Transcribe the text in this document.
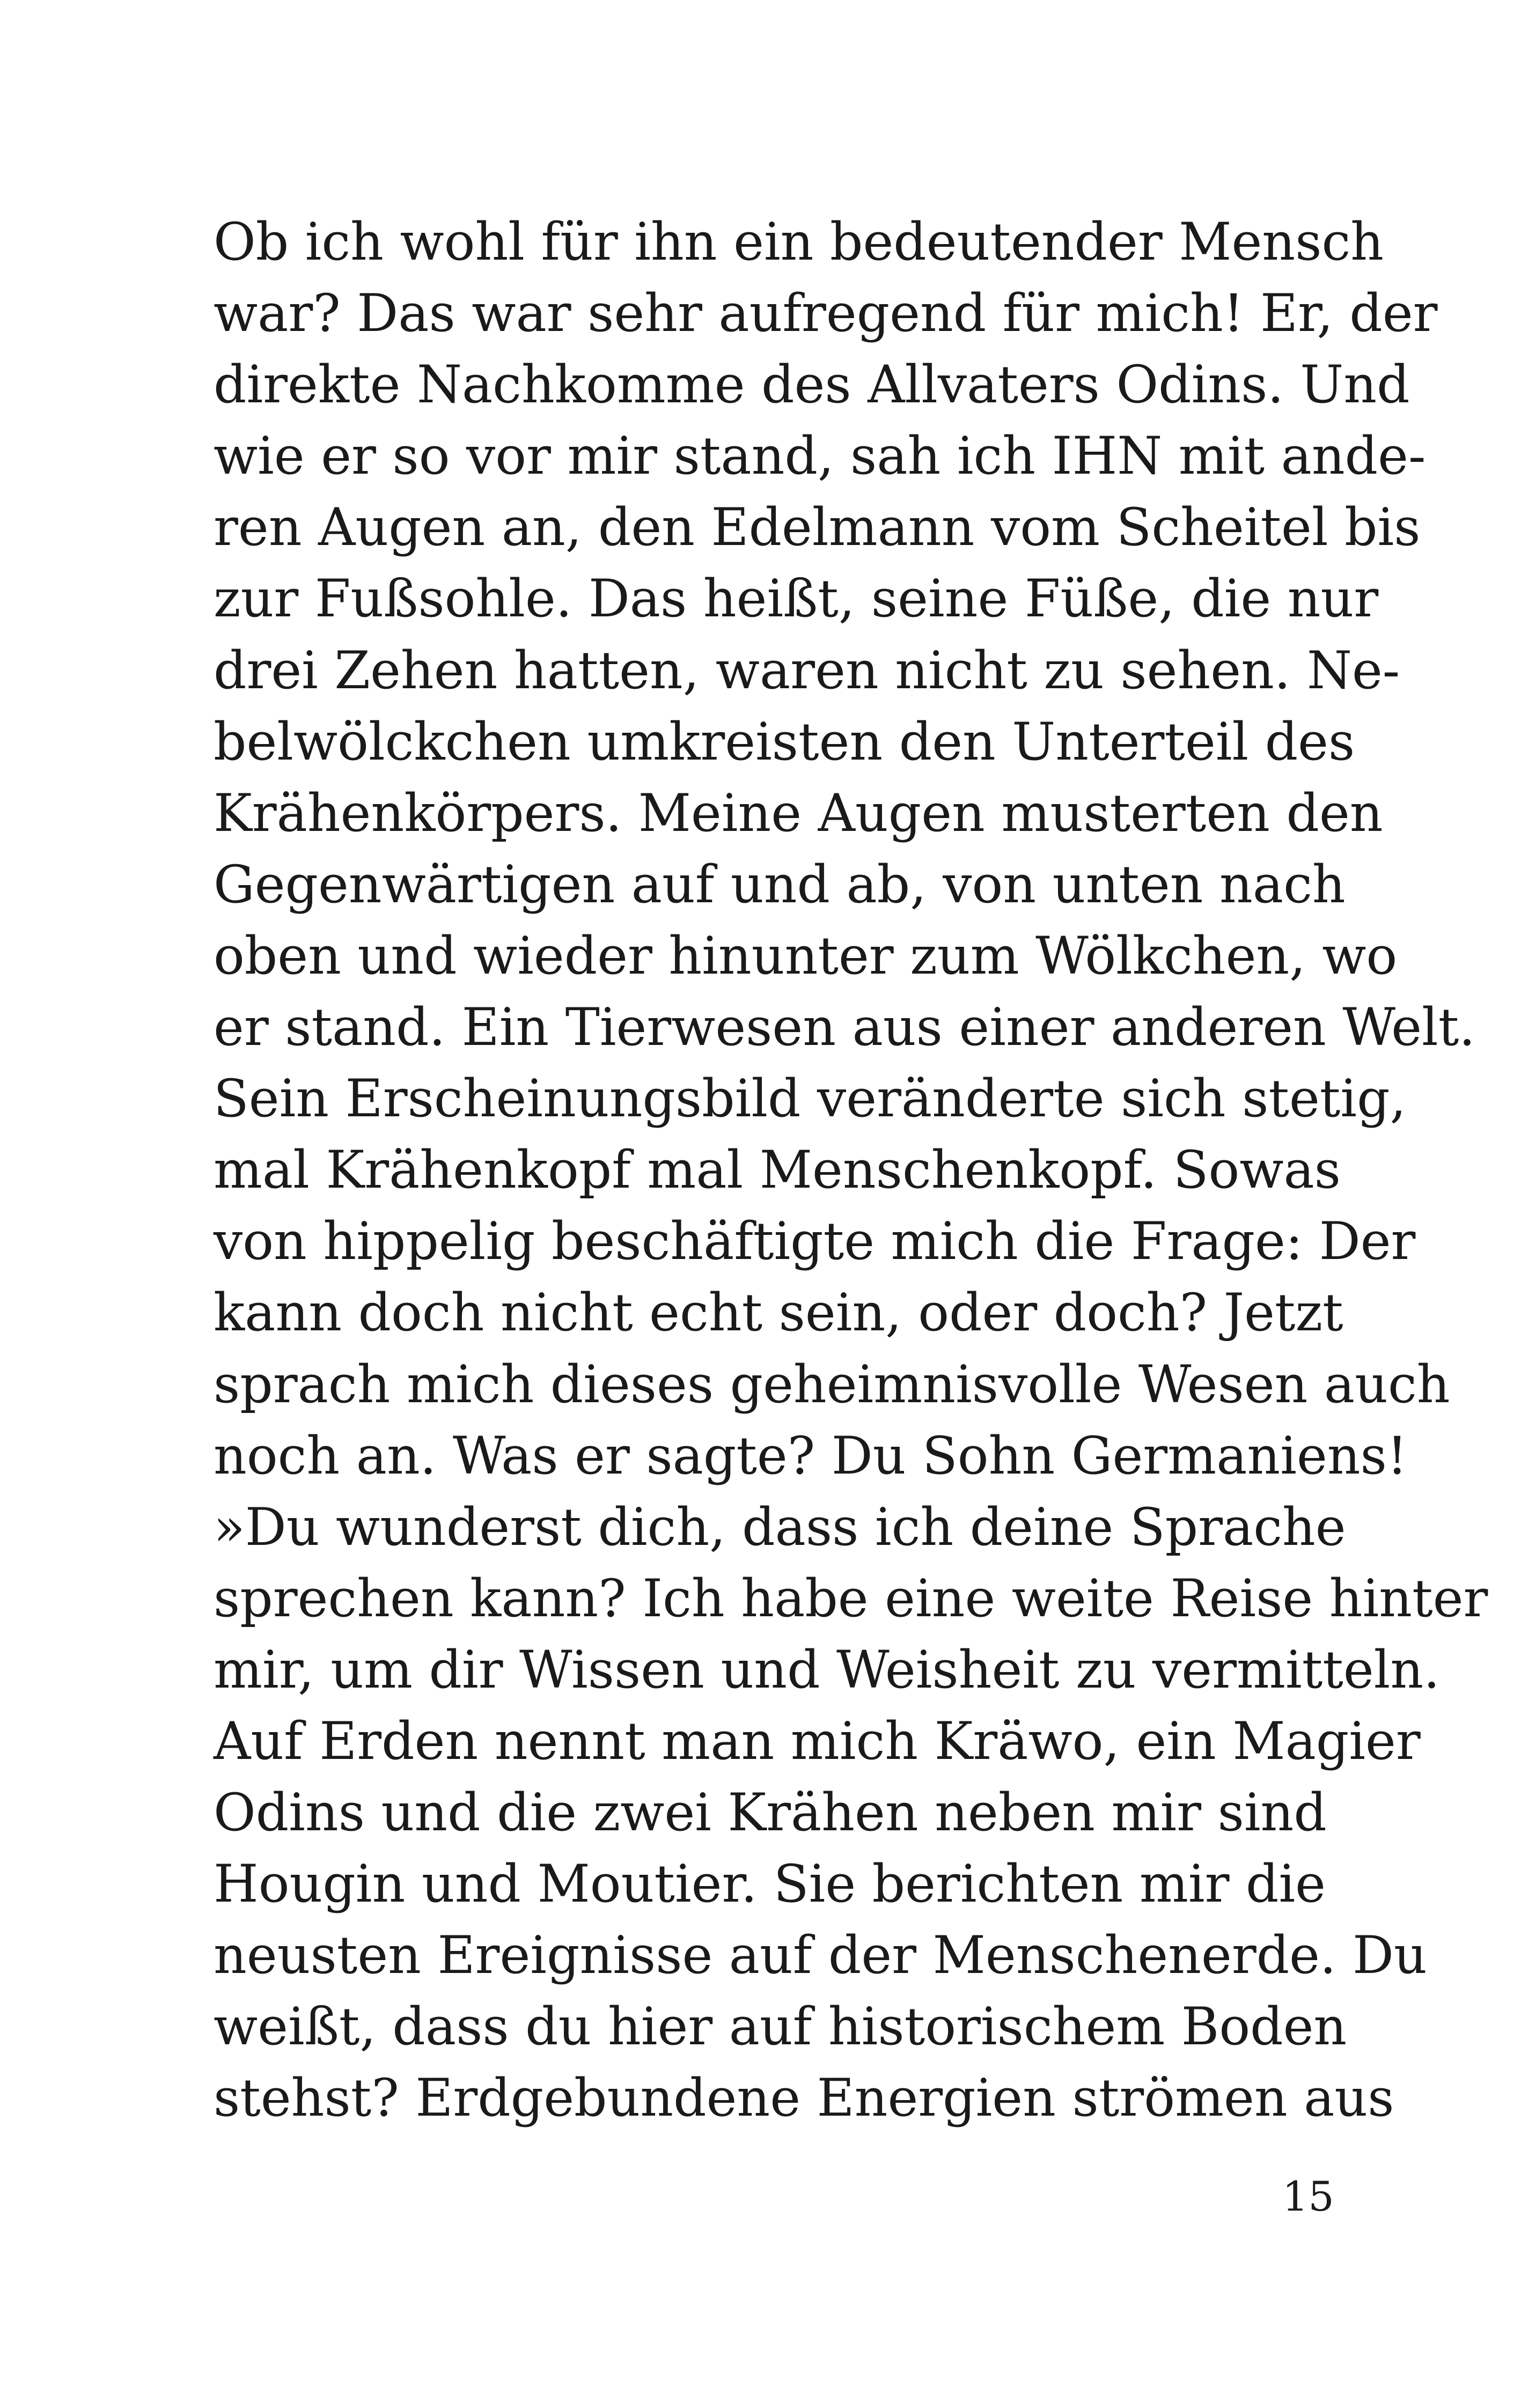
Ob ich wohl für ihn ein bedeutender Mensch
war? Das war sehr aufregend für mich! Er, der
direkte Nachkomme des Allvaters Odins. Und
wie er so vor mir stand, sah ich IHN mit ande-
ren Augen an, den Edelmann vom Scheitel bis
zur Fußsohle. Das heißt, seine Füße, die nur
drei Zehen hatten, waren nicht zu sehen. Ne-
belwölckchen umkreisten den Unterteil des
Krähenkörpers. Meine Augen musterten den
Gegenwärtigen auf und ab, von unten nach
oben und wieder hinunter zum Wölkchen, wo
er stand. Ein Tierwesen aus einer anderen Welt.
Sein Erscheinungsbild veränderte sich stetig,
mal Krähenkopf mal Menschenkopf. Sowas
von hippelig beschäftigte mich die Frage: Der
kann doch nicht echt sein, oder doch? Jetzt
sprach mich dieses geheimnisvolle Wesen auch
noch an. Was er sagte? Du Sohn Germaniens!
»Du wunderst dich, dass ich deine Sprache
sprechen kann? Ich habe eine weite Reise hinter
mir, um dir Wissen und Weisheit zu vermitteln.
Auf Erden nennt man mich Kräwo, ein Magier
Odins und die zwei Krähen neben mir sind
Hougin und Moutier. Sie berichten mir die
neusten Ereignisse auf der Menschenerde. Du
weißt, dass du hier auf historischem Boden
stehst? Erdgebundene Energien strömen aus
15
